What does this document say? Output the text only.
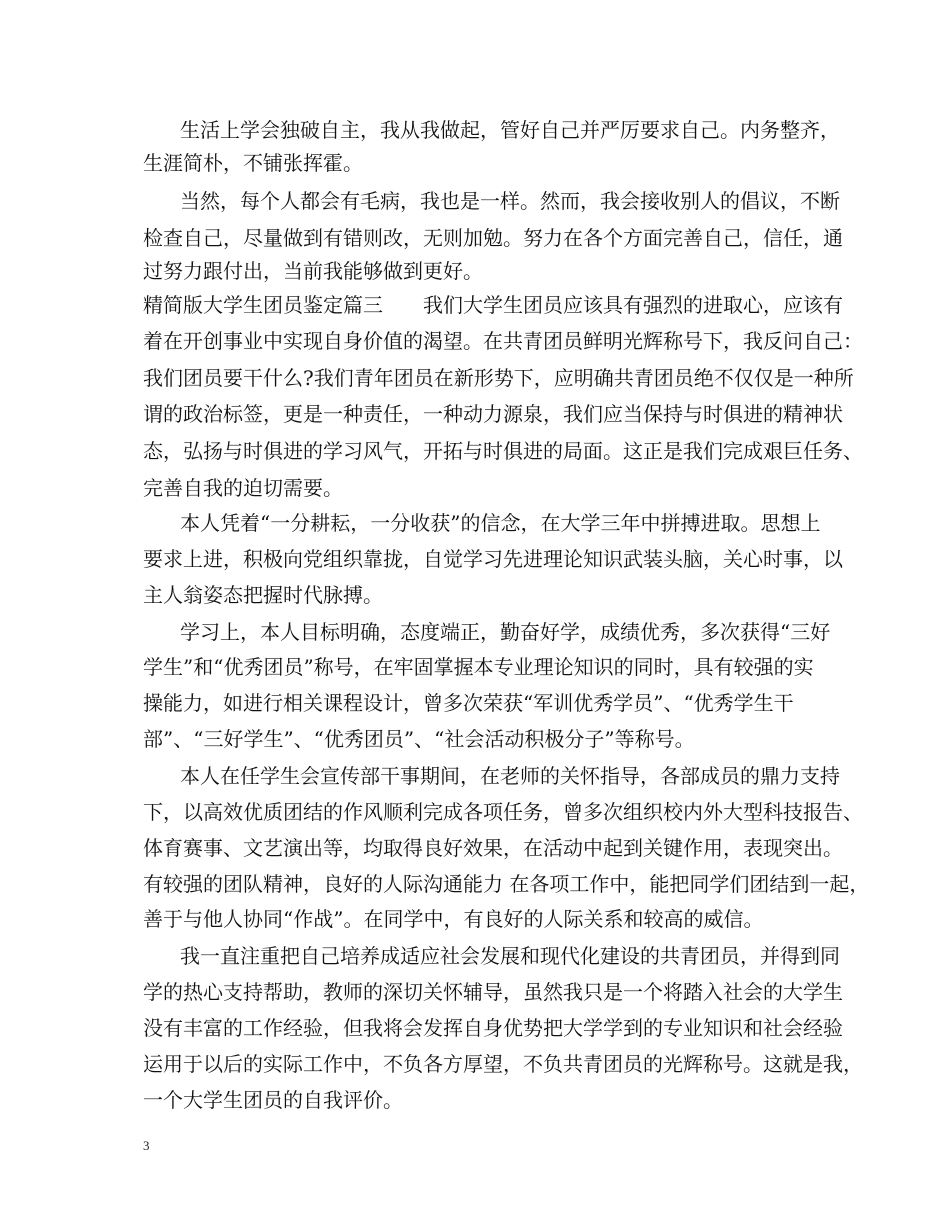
生活上学会独破自主，我从我做起，管好自己并严厉要求自己。内务整齐，
生涯简朴，不铺张挥霍。
当然，每个人都会有毛病，我也是一样。然而，我会接收别人的倡议，不断
检查自己，尽量做到有错则改，无则加勉。努力在各个方面完善自己，信任，通
过努力跟付出，当前我能够做到更好。
精简版大学生团员鉴定篇三　　我们大学生团员应该具有强烈的进取心，应该有
着在开创事业中实现自身价值的渴望。在共青团员鲜明光辉称号下，我反问自己：
我们团员要干什么?我们青年团员在新形势下，应明确共青团员绝不仅仅是一种所
谓的政治标签，更是一种责任，一种动力源泉，我们应当保持与时俱进的精神状
态，弘扬与时俱进的学习风气，开拓与时俱进的局面。这正是我们完成艰巨任务、
完善自我的迫切需要。
本人凭着“一分耕耘，一分收获”的信念，在大学三年中拼搏进取。思想上
要求上进，积极向党组织靠拢，自觉学习先进理论知识武装头脑，关心时事，以
主人翁姿态把握时代脉搏。
学习上，本人目标明确，态度端正，勤奋好学，成绩优秀，多次获得“三好
学生”和“优秀团员”称号，在牢固掌握本专业理论知识的同时，具有较强的实
操能力，如进行相关课程设计，曾多次荣获“军训优秀学员”、“优秀学生干
部”、“三好学生”、“优秀团员”、“社会活动积极分子”等称号。
本人在任学生会宣传部干事期间，在老师的关怀指导，各部成员的鼎力支持
下，以高效优质团结的作风顺利完成各项任务，曾多次组织校内外大型科技报告、
体育赛事、文艺演出等，均取得良好效果，在活动中起到关键作用，表现突出。
有较强的团队精神，良好的人际沟通能力 在各项工作中，能把同学们团结到一起，
善于与他人协同“作战”。在同学中，有良好的人际关系和较高的威信。
我一直注重把自己培养成适应社会发展和现代化建设的共青团员，并得到同
学的热心支持帮助，教师的深切关怀辅导，虽然我只是一个将踏入社会的大学生
没有丰富的工作经验，但我将会发挥自身优势把大学学到的专业知识和社会经验
运用于以后的实际工作中，不负各方厚望，不负共青团员的光辉称号。这就是我，
一个大学生团员的自我评价。
3
